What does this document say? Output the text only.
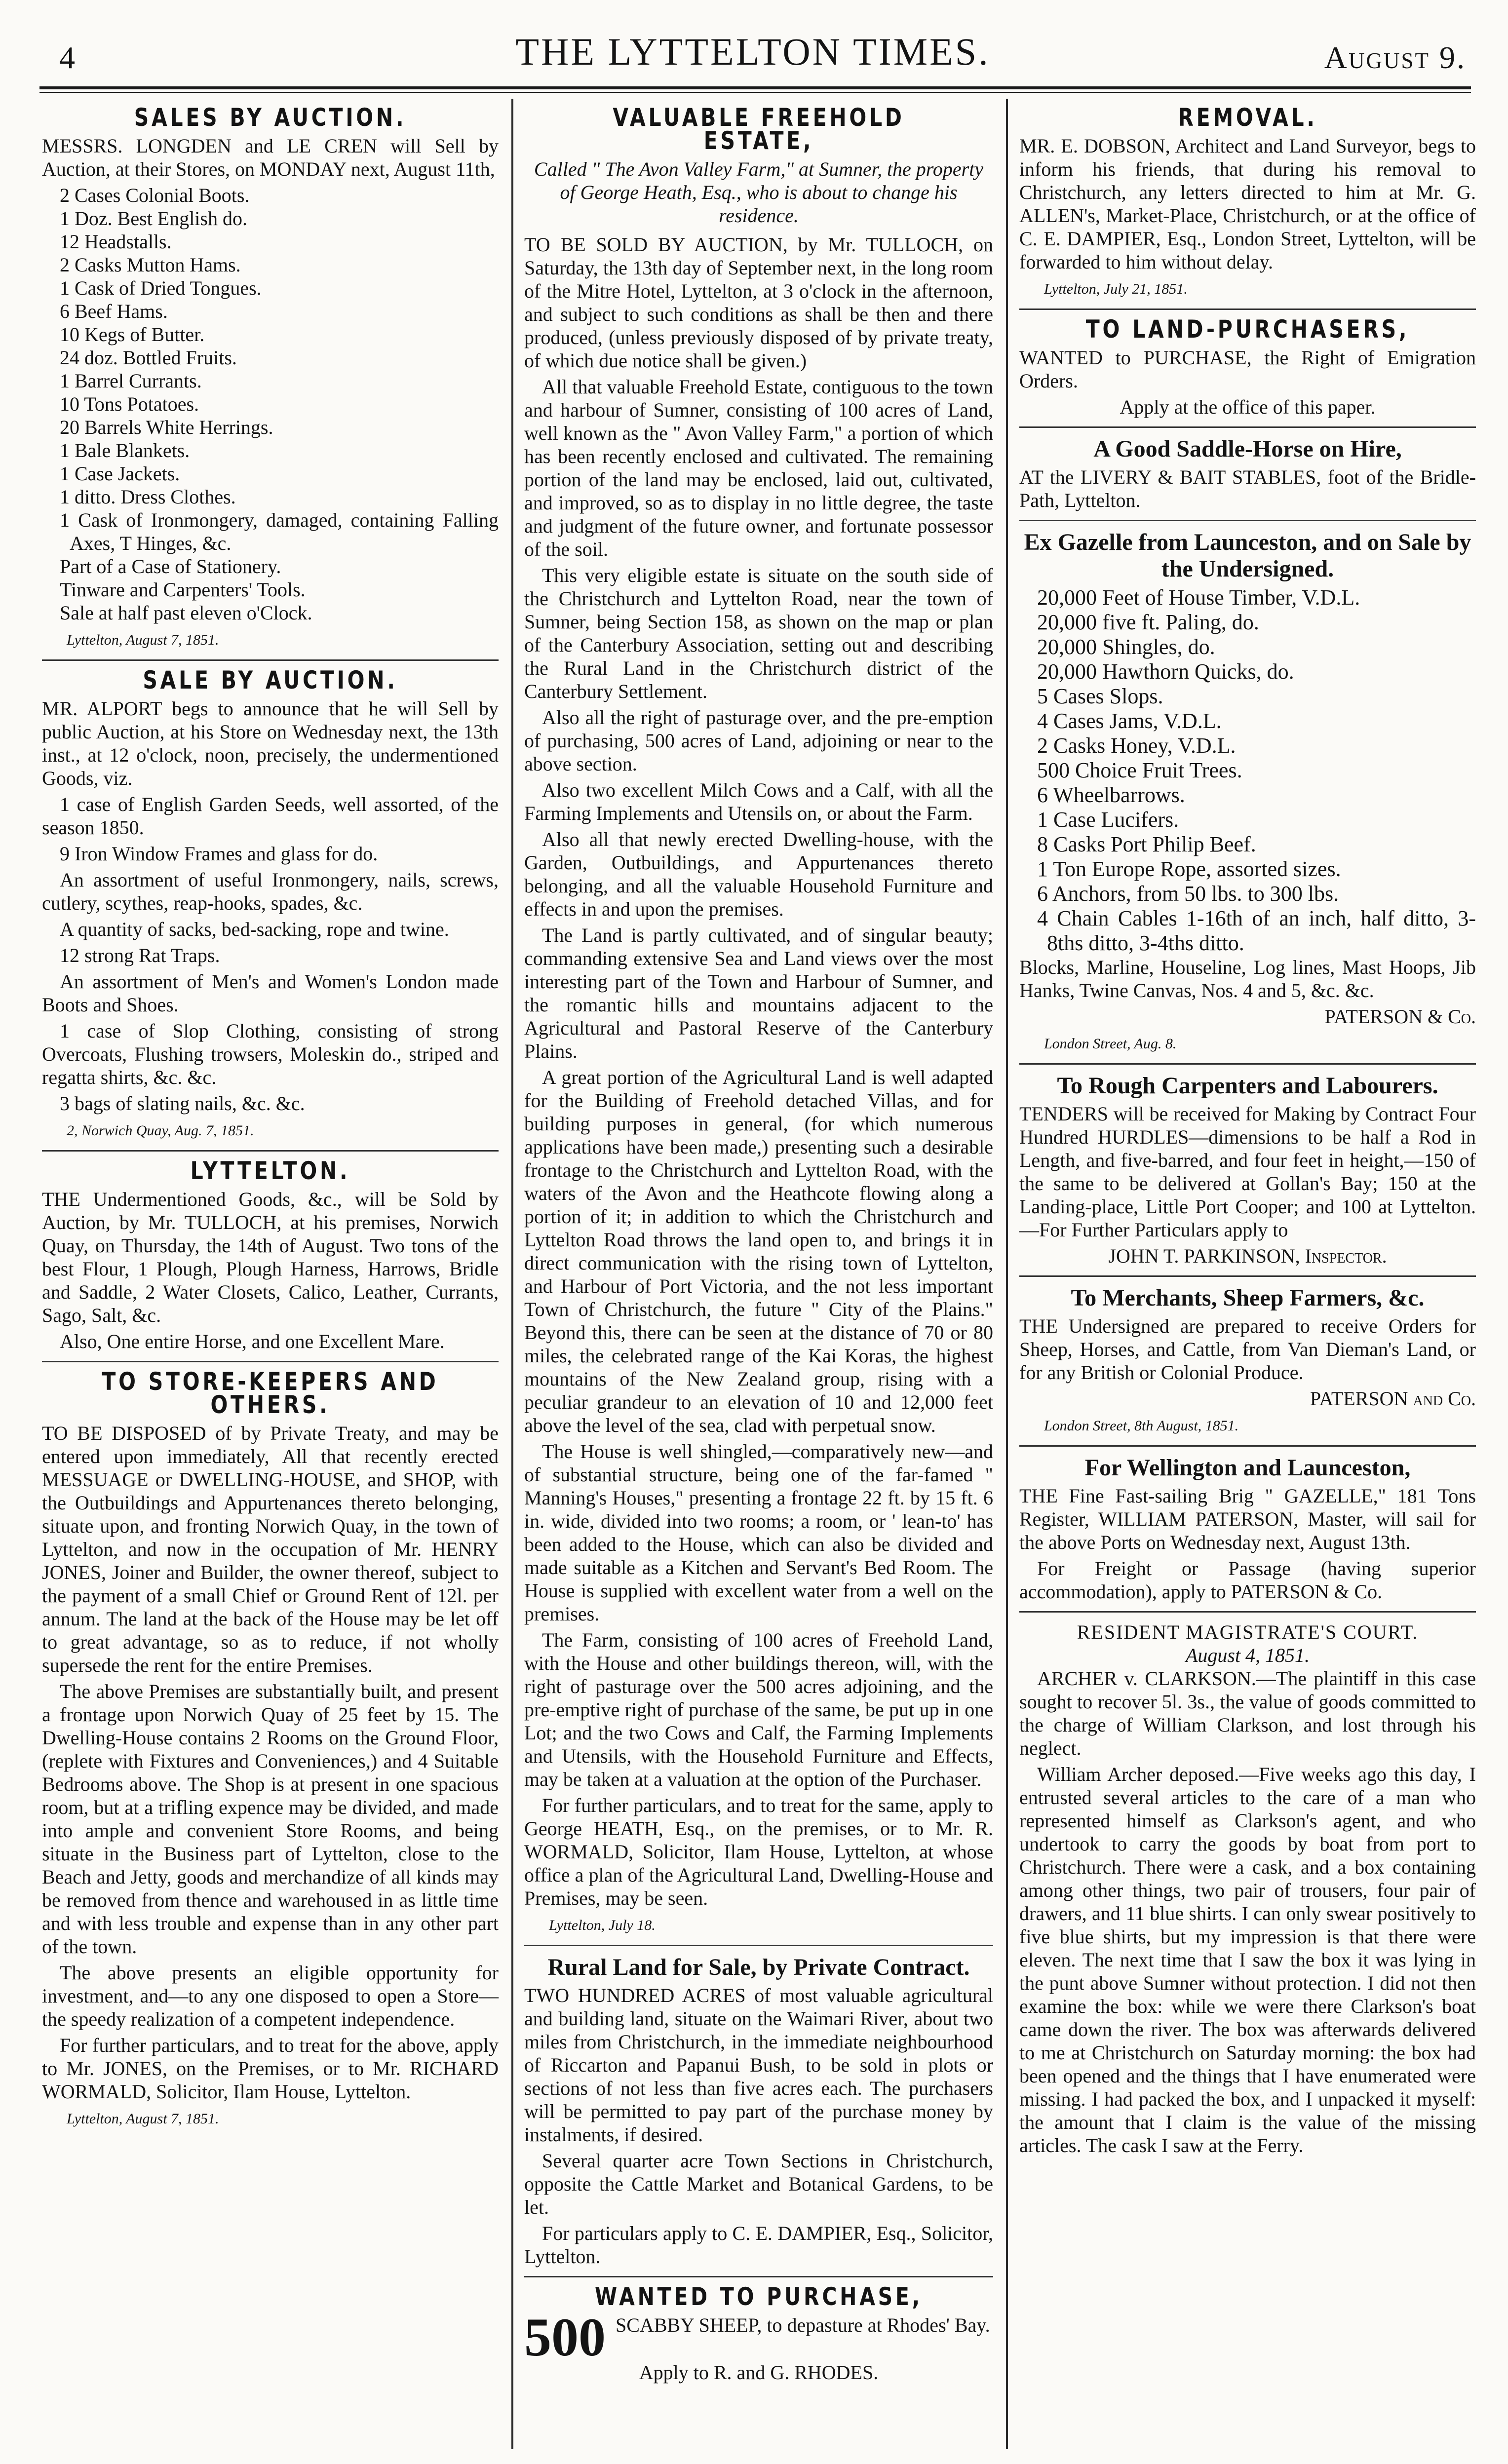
4	THE LYTTELTON TIMES.	August 9.
SALES BY AUCTION.

MESSRS. LONGDEN and LE CREN will Sell by Auction, at their Stores, on MONDAY next, August 11th,

2 Cases Colonial Boots.
1 Doz. Best English do.
12 Headstalls.
2 Casks Mutton Hams.
1 Cask of Dried Tongues.
6 Beef Hams.
10 Kegs of Butter.
24 doz. Bottled Fruits.
1 Barrel Currants.
10 Tons Potatoes.
20 Barrels White Herrings.
1 Bale Blankets.
1 Case Jackets.
1 ditto. Dress Clothes.
1 Cask of Ironmongery, damaged, containing Falling Axes, T Hinges, &c.
Part of a Case of Stationery.
Tinware and Carpenters' Tools.

Sale at half past eleven o'Clock.

Lyttelton, August 7, 1851.
SALE BY AUCTION.

MR. ALPORT begs to announce that he will Sell by public Auction, at his Store on Wednesday next, the 13th inst., at 12 o'clock, noon, precisely, the undermentioned Goods, viz.

1 case of English Garden Seeds, well assorted, of the season 1850.

9 Iron Window Frames and glass for do.

An assortment of useful Ironmongery, nails, screws, cutlery, scythes, reap-hooks, spades, &c.

A quantity of sacks, bed-sacking, rope and twine.

12 strong Rat Traps.

An assortment of Men's and Women's London made Boots and Shoes.

1 case of Slop Clothing, consisting of strong Overcoats, Flushing trowsers, Moleskin do., striped and regatta shirts, &c. &c.

3 bags of slating nails, &c. &c.

2, Norwich Quay, Aug. 7, 1851.
LYTTELTON.

THE Undermentioned Goods, &c., will be Sold by Auction, by Mr. TULLOCH, at his premises, Norwich Quay, on Thursday, the 14th of August. Two tons of the best Flour, 1 Plough, Plough Harness, Harrows, Bridle and Saddle, 2 Water Closets, Calico, Leather, Currants, Sago, Salt, &c.

Also, One entire Horse, and one Excellent Mare.

TO STORE-KEEPERS AND OTHERS.

TO BE DISPOSED of by Private Treaty, and may be entered upon immediately, All that recently erected MESSUAGE or DWELLING-HOUSE, and SHOP, with the Outbuildings and Appurtenances thereto belonging, situate upon, and fronting Norwich Quay, in the town of Lyttelton, and now in the occupation of Mr. HENRY JONES, Joiner and Builder, the owner thereof, subject to the payment of a small Chief or Ground Rent of 12l. per annum. The land at the back of the House may be let off to great advantage, so as to reduce, if not wholly supersede the rent for the entire Premises.

The above Premises are substantially built, and present a frontage upon Norwich Quay of 25 feet by 15. The Dwelling-House contains 2 Rooms on the Ground Floor, (replete with Fixtures and Conveniences,) and 4 Suitable Bedrooms above. The Shop is at present in one spacious room, but at a trifling expence may be divided, and made into ample and convenient Store Rooms, and being situate in the Business part of Lyttelton, close to the Beach and Jetty, goods and merchandize of all kinds may be removed from thence and warehoused in as little time and with less trouble and expense than in any other part of the town.

The above presents an eligible opportunity for investment, and—to any one disposed to open a Store—the speedy realization of a competent independence.

For further particulars, and to treat for the above, apply to Mr. JONES, on the Premises, or to Mr. RICHARD WORMALD, Solicitor, Ilam House, Lyttelton.

Lyttelton, August 7, 1851.
VALUABLE FREEHOLD ESTATE,
Called " The Avon Valley Farm," at Sumner, the property of George Heath, Esq., who is about to change his residence.

TO BE SOLD BY AUCTION, by Mr. TULLOCH, on Saturday, the 13th day of September next, in the long room of the Mitre Hotel, Lyttelton, at 3 o'clock in the afternoon, and subject to such conditions as shall be then and there produced, (unless previously disposed of by private treaty, of which due notice shall be given.)

All that valuable Freehold Estate, contiguous to the town and harbour of Sumner, consisting of 100 acres of Land, well known as the " Avon Valley Farm," a portion of which has been recently enclosed and cultivated. The remaining portion of the land may be enclosed, laid out, cultivated, and improved, so as to display in no little degree, the taste and judgment of the future owner, and fortunate possessor of the soil.

This very eligible estate is situate on the south side of the Christchurch and Lyttelton Road, near the town of Sumner, being Section 158, as shown on the map or plan of the Canterbury Association, setting out and describing the Rural Land in the Christchurch district of the Canterbury Settlement.

Also all the right of pasturage over, and the pre-emption of purchasing, 500 acres of Land, adjoining or near to the above section.

Also two excellent Milch Cows and a Calf, with all the Farming Implements and Utensils on, or about the Farm.

Also all that newly erected Dwelling-house, with the Garden, Outbuildings, and Appurtenances thereto belonging, and all the valuable Household Furniture and effects in and upon the premises.

The Land is partly cultivated, and of singular beauty; commanding extensive Sea and Land views over the most interesting part of the Town and Harbour of Sumner, and the romantic hills and mountains adjacent to the Agricultural and Pastoral Reserve of the Canterbury Plains.

A great portion of the Agricultural Land is well adapted for the Building of Freehold detached Villas, and for building purposes in general, (for which numerous applications have been made,) presenting such a desirable frontage to the Christchurch and Lyttelton Road, with the waters of the Avon and the Heathcote flowing along a portion of it; in addition to which the Christchurch and Lyttelton Road throws the land open to, and brings it in direct communication with the rising town of Lyttelton, and Harbour of Port Victoria, and the not less important Town of Christchurch, the future " City of the Plains." Beyond this, there can be seen at the distance of 70 or 80 miles, the celebrated range of the Kai Koras, the highest mountains of the New Zealand group, rising with a peculiar grandeur to an elevation of 10 and 12,000 feet above the level of the sea, clad with perpetual snow.

The House is well shingled,—comparatively new—and of substantial structure, being one of the far-famed " Manning's Houses," presenting a frontage 22 ft. by 15 ft. 6 in. wide, divided into two rooms; a room, or ' lean-to' has been added to the House, which can also be divided and made suitable as a Kitchen and Servant's Bed Room. The House is supplied with excellent water from a well on the premises.

The Farm, consisting of 100 acres of Freehold Land, with the House and other buildings thereon, will, with the right of pasturage over the 500 acres adjoining, and the pre-emptive right of purchase of the same, be put up in one Lot; and the two Cows and Calf, the Farming Implements and Utensils, with the Household Furniture and Effects, may be taken at a valuation at the option of the Purchaser.

For further particulars, and to treat for the same, apply to George HEATH, Esq., on the premises, or to Mr. R. WORMALD, Solicitor, Ilam House, Lyttelton, at whose office a plan of the Agricultural Land, Dwelling-House and Premises, may be seen.

Lyttelton, July 18.
Rural Land for Sale, by Private Contract.

TWO HUNDRED ACRES of most valuable agricultural and building land, situate on the Waimari River, about two miles from Christchurch, in the immediate neighbourhood of Riccarton and Papanui Bush, to be sold in plots or sections of not less than five acres each. The purchasers will be permitted to pay part of the purchase money by instalments, if desired.

Several quarter acre Town Sections in Christchurch, opposite the Cattle Market and Botanical Gardens, to be let.

For particulars apply to C. E. DAMPIER, Esq., Solicitor, Lyttelton.

WANTED TO PURCHASE,
500 SCABBY SHEEP, to depasture at Rhodes' Bay.
Apply to R. and G. RHODES.
REMOVAL.

MR. E. DOBSON, Architect and Land Surveyor, begs to inform his friends, that during his removal to Christchurch, any letters directed to him at Mr. G. ALLEN's, Market-Place, Christchurch, or at the office of C. E. DAMPIER, Esq., London Street, Lyttelton, will be forwarded to him without delay.

Lyttelton, July 21, 1851.
TO LAND-PURCHASERS,

WANTED to PURCHASE, the Right of Emigration Orders.

Apply at the office of this paper.
A Good Saddle-Horse on Hire,

AT the LIVERY & BAIT STABLES, foot of the Bridle-Path, Lyttelton.

Ex Gazelle from Launceston, and on Sale by the Undersigned.
20,000 Feet of House Timber, V.D.L.
20,000 five ft. Paling, do.
20,000 Shingles, do.
20,000 Hawthorn Quicks, do.
5 Cases Slops.
4 Cases Jams, V.D.L.
2 Casks Honey, V.D.L.
500 Choice Fruit Trees.
6 Wheelbarrows.
1 Case Lucifers.
8 Casks Port Philip Beef.
1 Ton Europe Rope, assorted sizes.
6 Anchors, from 50 lbs. to 300 lbs.
4 Chain Cables 1-16th of an inch, half ditto, 3-8ths ditto, 3-4ths ditto.

Blocks, Marline, Houseline, Log lines, Mast Hoops, Jib Hanks, Twine Canvas, Nos. 4 and 5, &c. &c.

PATERSON & Co.
London Street, Aug. 8.
To Rough Carpenters and Labourers.

TENDERS will be received for Making by Contract Four Hundred HURDLES—dimensions to be half a Rod in Length, and five-barred, and four feet in height,—150 of the same to be delivered at Gollan's Bay; 150 at the Landing-place, Little Port Cooper; and 100 at Lyttelton.—For Further Particulars apply to

JOHN T. PARKINSON, Inspector.
To Merchants, Sheep Farmers, &c.

THE Undersigned are prepared to receive Orders for Sheep, Horses, and Cattle, from Van Dieman's Land, or for any British or Colonial Produce.

PATERSON and Co.
London Street, 8th August, 1851.
For Wellington and Launceston,

THE Fine Fast-sailing Brig " GAZELLE," 181 Tons Register, WILLIAM PATERSON, Master, will sail for the above Ports on Wednesday next, August 13th.

For Freight or Passage (having superior accommodation), apply to PATERSON & Co.

RESIDENT MAGISTRATE'S COURT.
August 4, 1851.

ARCHER v. CLARKSON.—The plaintiff in this case sought to recover 5l. 3s., the value of goods committed to the charge of William Clarkson, and lost through his neglect.

William Archer deposed.—Five weeks ago this day, I entrusted several articles to the care of a man who represented himself as Clarkson's agent, and who undertook to carry the goods by boat from port to Christchurch. There were a cask, and a box containing among other things, two pair of trousers, four pair of drawers, and 11 blue shirts. I can only swear positively to five blue shirts, but my impression is that there were eleven. The next time that I saw the box it was lying in the punt above Sumner without protection. I did not then examine the box: while we were there Clarkson's boat came down the river. The box was afterwards delivered to me at Christchurch on Saturday morning: the box had been opened and the things that I have enumerated were missing. I had packed the box, and I unpacked it myself: the amount that I claim is the value of the missing articles. The cask I saw at the Ferry.
